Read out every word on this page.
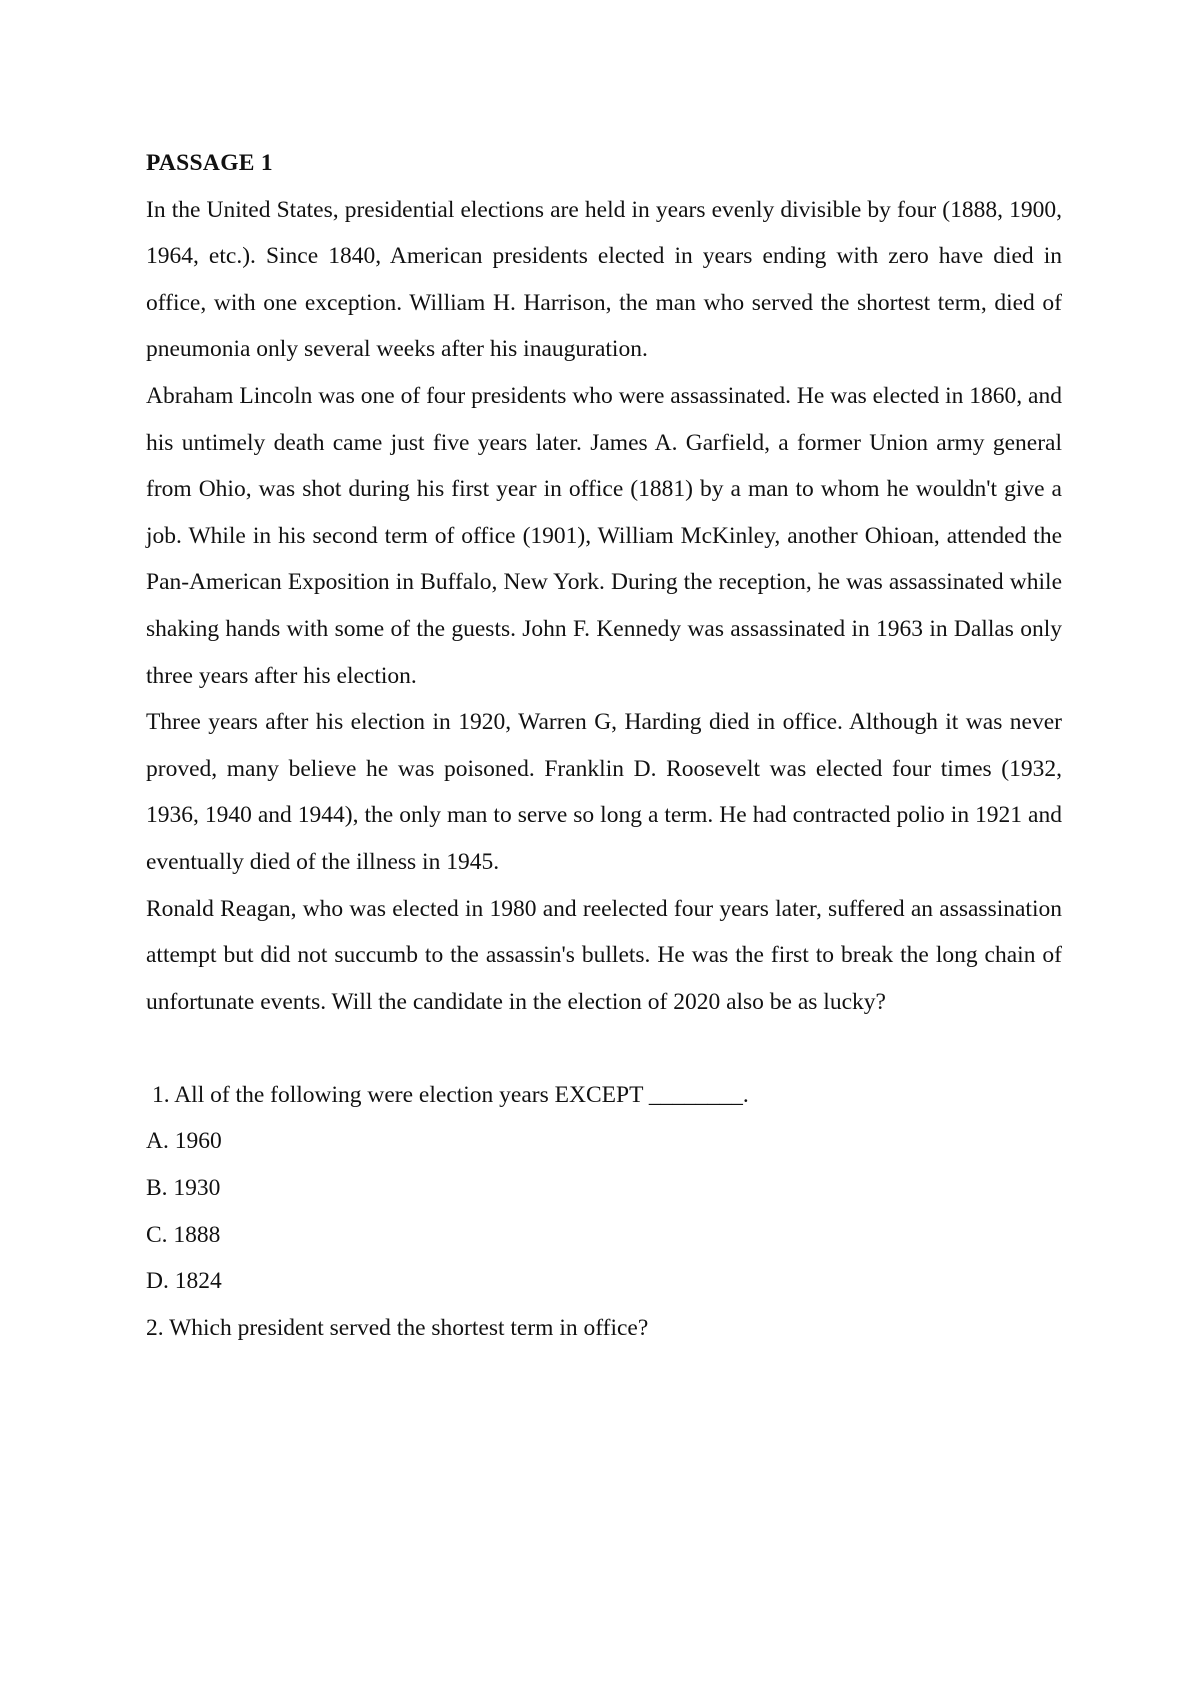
PASSAGE 1

In the United States, presidential elections are held in years evenly divisible by four (1888, 1900, 1964, etc.). Since 1840, American presidents elected in years ending with zero have died in office, with one exception. William H. Harrison, the man who served the shortest term, died of pneumonia only several weeks after his inauguration.

Abraham Lincoln was one of four presidents who were assassinated. He was elected in 1860, and his untimely death came just five years later. James A. Garfield, a former Union army general from Ohio, was shot during his first year in office (1881) by a man to whom he wouldn't give a job. While in his second term of office (1901), William McKinley, another Ohioan, attended the Pan-American Exposition in Buffalo, New York. During the reception, he was assassinated while shaking hands with some of the guests. John F. Kennedy was assassinated in 1963 in Dallas only three years after his election.

Three years after his election in 1920, Warren G, Harding died in office. Although it was never proved, many believe he was poisoned. Franklin D. Roosevelt was elected four times (1932, 1936, 1940 and 1944), the only man to serve so long a term. He had contracted polio in 1921 and eventually died of the illness in 1945.

Ronald Reagan, who was elected in 1980 and reelected four years later, suffered an assassination attempt but did not succumb to the assassin's bullets. He was the first to break the long chain of unfortunate events. Will the candidate in the election of 2020 also be as lucky?

1. All of the following were election years EXCEPT ________.

A. 1960

B. 1930

C. 1888

D. 1824

2. Which president served the shortest term in office?
